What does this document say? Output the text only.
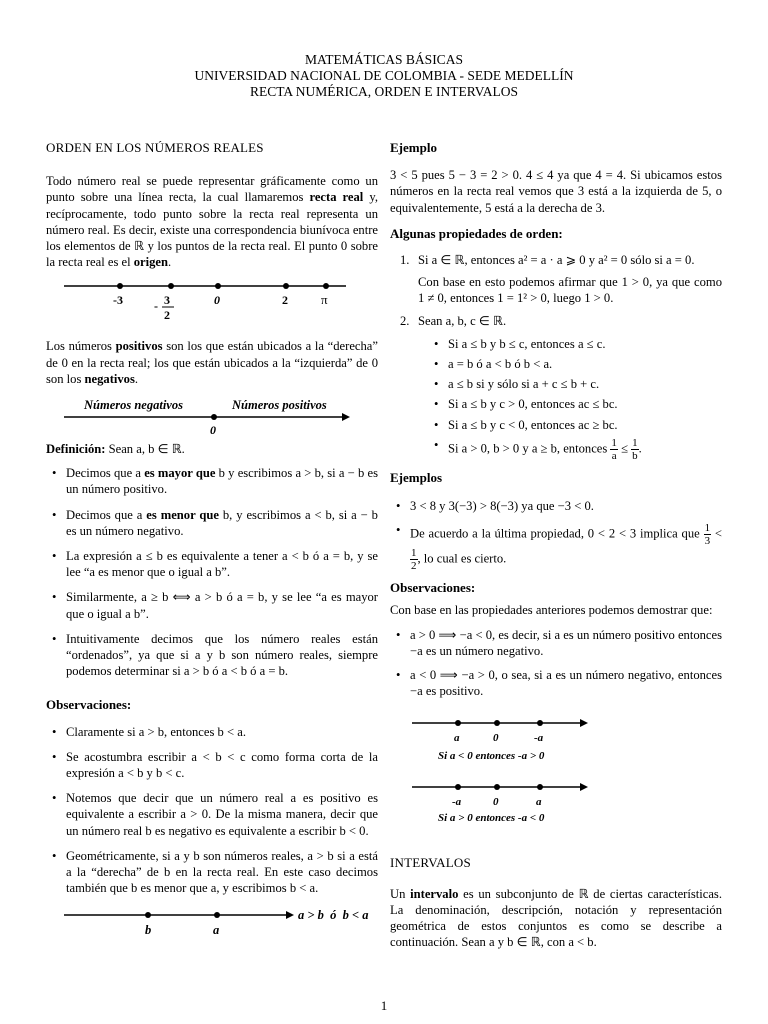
MATEMÁTICAS BÁSICAS
UNIVERSIDAD NACIONAL DE COLOMBIA - SEDE MEDELLÍN
RECTA NUMÉRICA, ORDEN E INTERVALOS
ORDEN EN LOS NÚMEROS REALES

Todo número real se puede representar gráficamente como un punto sobre una línea recta, la cual llamaremos recta real y, recíprocamente, todo punto sobre la recta real representa un número real. Es decir, existe una correspondencia biunívoca entre los elementos de ℝ y los puntos de la recta real. El punto 0 sobre la recta real es el origen.

-3	- 3
2
0	2	π

Los números positivos son los que están ubicados a la “derecha” de 0 en la recta real; los que están ubicados a la “izquierda” de 0 son los negativos.

Números negativos	Números positivos
0

Definición: Sean a, b ∈ ℝ.

• Decimos que a es mayor que b y escribimos a > b, si a − b es un número positivo.
• Decimos que a es menor que b, y escribimos a < b, si a − b es un número negativo.
• La expresión a ≤ b es equivalente a tener a < b ó a = b, y se lee “a es menor que o igual a b”.
• Similarmente, a ≥ b ⟺ a > b ó a = b, y se lee “a es mayor que o igual a b”.
• Intuitivamente decimos que los número reales están “ordenados”, ya que si a y b son número reales, siempre podemos determinar si a > b ó a < b ó a = b.
Observaciones:
• Claramente si a > b, entonces b < a.
• Se acostumbra escribir a < b < c como forma corta de la expresión a < b y b < c.
• Notemos que decir que un número real a es positivo es equivalente a escribir a > 0. De la misma manera, decir que un número real b es negativo es equivalente a escribir b < 0.
• Geométricamente, si a y b son números reales, a > b si a está a la “derecha” de b en la recta real. En este caso decimos también que b es menor que a, y escribimos b < a.
b	a
a > b  ó  b < a
Ejemplo

3 < 5 pues 5 − 3 = 2 > 0. 4 ≤ 4 ya que 4 = 4. Si ubicamos estos números en la recta real vemos que 3 está a la izquierda de 5, o equivalentemente, 5 está a la derecha de 3.

Algunas propiedades de orden:
1. Si a ∈ ℝ, entonces a² = a · a ⩾ 0 y a² = 0 sólo si a = 0.
Con base en esto podemos afirmar que 1 > 0, ya que como 1 ≠ 0, entonces 1 = 1² > 0, luego 1 > 0.
2. Sean a, b, c ∈ ℝ.
• Si a ≤ b y b ≤ c, entonces a ≤ c.
• a = b ó a < b ó b < a.
• a ≤ b si y sólo si a + c ≤ b + c.
• Si a ≤ b y c > 0, entonces ac ≤ bc.
• Si a ≤ b y c < 0, entonces ac ≥ bc.
• Si a > 0, b > 0 y a ≥ b, entonces $\frac{1}{a} \le \frac{1}{b}$ .
Ejemplos
• 3 < 8 y 3(−3) > 8(−3) ya que −3 < 0.
• De acuerdo a la última propiedad, 0 < 2 < 3 implica que $\frac{1}{3}$ <
$\frac{1}{2}$ , lo cual es cierto.
Observaciones:

Con base en las propiedades anteriores podemos demostrar que:

• a > 0 ⟹ −a < 0, es decir, si a es un número positivo entonces −a es un número negativo.
• a < 0 ⟹ −a > 0, o sea, si a es un número negativo, entonces −a es positivo.
a	0	-a
Si a < 0 entonces -a > 0
-a	0	a
Si a > 0 entonces -a < 0
INTERVALOS

Un intervalo es un subconjunto de ℝ de ciertas características. La denominación, descripción, notación y representación geométrica de estos conjuntos es como se describe a continuación. Sean a y b ∈ ℝ, con a < b.

1
